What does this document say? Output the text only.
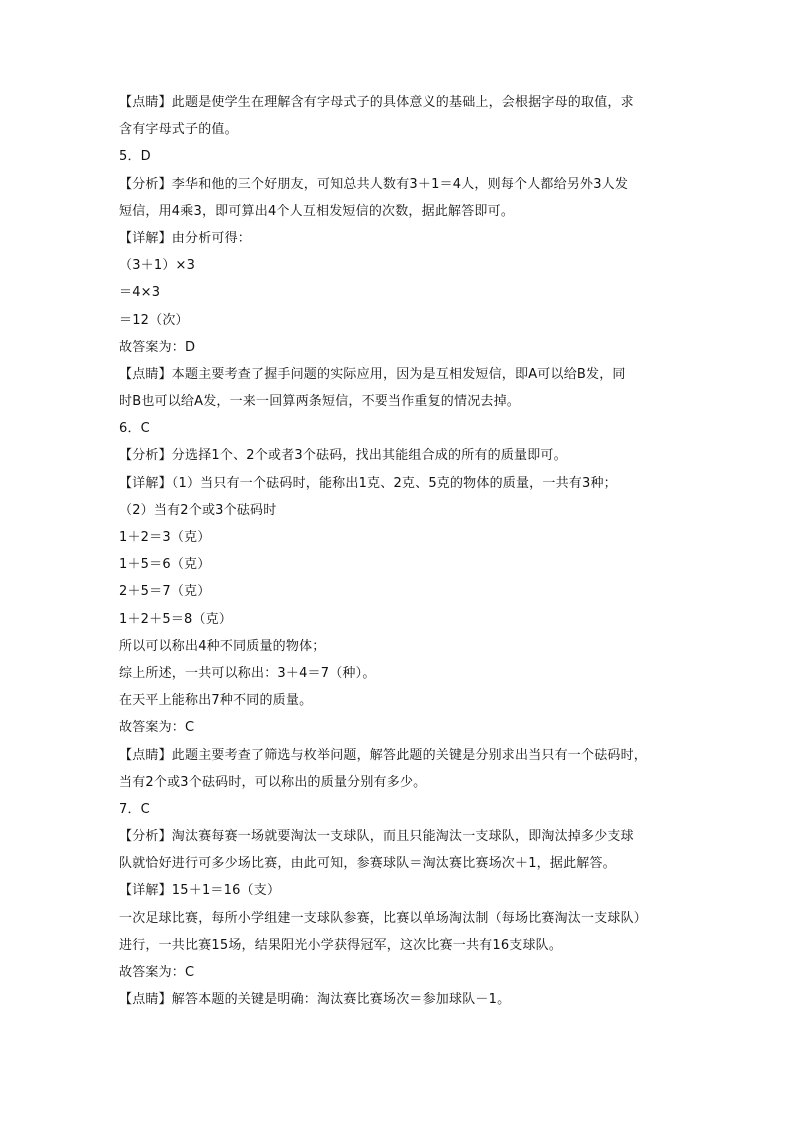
【点睛】此题是使学生在理解含有字母式子的具体意义的基础上，会根据字母的取值，求
含有字母式子的值。
5．D
【分析】李华和他的三个好朋友，可知总共人数有3＋1＝4人，则每个人都给另外3人发
短信，用4乘3，即可算出4个人互相发短信的次数，据此解答即可。
【详解】由分析可得：
（3＋1）×3
＝4×3
＝12（次）
故答案为：D
【点睛】本题主要考查了握手问题的实际应用，因为是互相发短信，即A可以给B发，同
时B也可以给A发，一来一回算两条短信，不要当作重复的情况去掉。
6．C
【分析】分选择1个、2个或者3个砝码，找出其能组合成的所有的质量即可。
【详解】（1）当只有一个砝码时，能称出1克、2克、5克的物体的质量，一共有3种；
（2）当有2个或3个砝码时
1＋2＝3（克）
1＋5＝6（克）
2＋5＝7（克）
1＋2＋5＝8（克）
所以可以称出4种不同质量的物体；
综上所述，一共可以称出：3＋4＝7（种）。
在天平上能称出7种不同的质量。
故答案为：C
【点睛】此题主要考查了筛选与枚举问题，解答此题的关键是分别求出当只有一个砝码时，
当有2个或3个砝码时，可以称出的质量分别有多少。
7．C
【分析】淘汰赛每赛一场就要淘汰一支球队，而且只能淘汰一支球队，即淘汰掉多少支球
队就恰好进行可多少场比赛，由此可知，参赛球队＝淘汰赛比赛场次＋1，据此解答。
【详解】15＋1＝16（支）
一次足球比赛，每所小学组建一支球队参赛，比赛以单场淘汰制（每场比赛淘汰一支球队）
进行，一共比赛15场，结果阳光小学获得冠军，这次比赛一共有16支球队。
故答案为：C
【点睛】解答本题的关键是明确：淘汰赛比赛场次＝参加球队－1。
